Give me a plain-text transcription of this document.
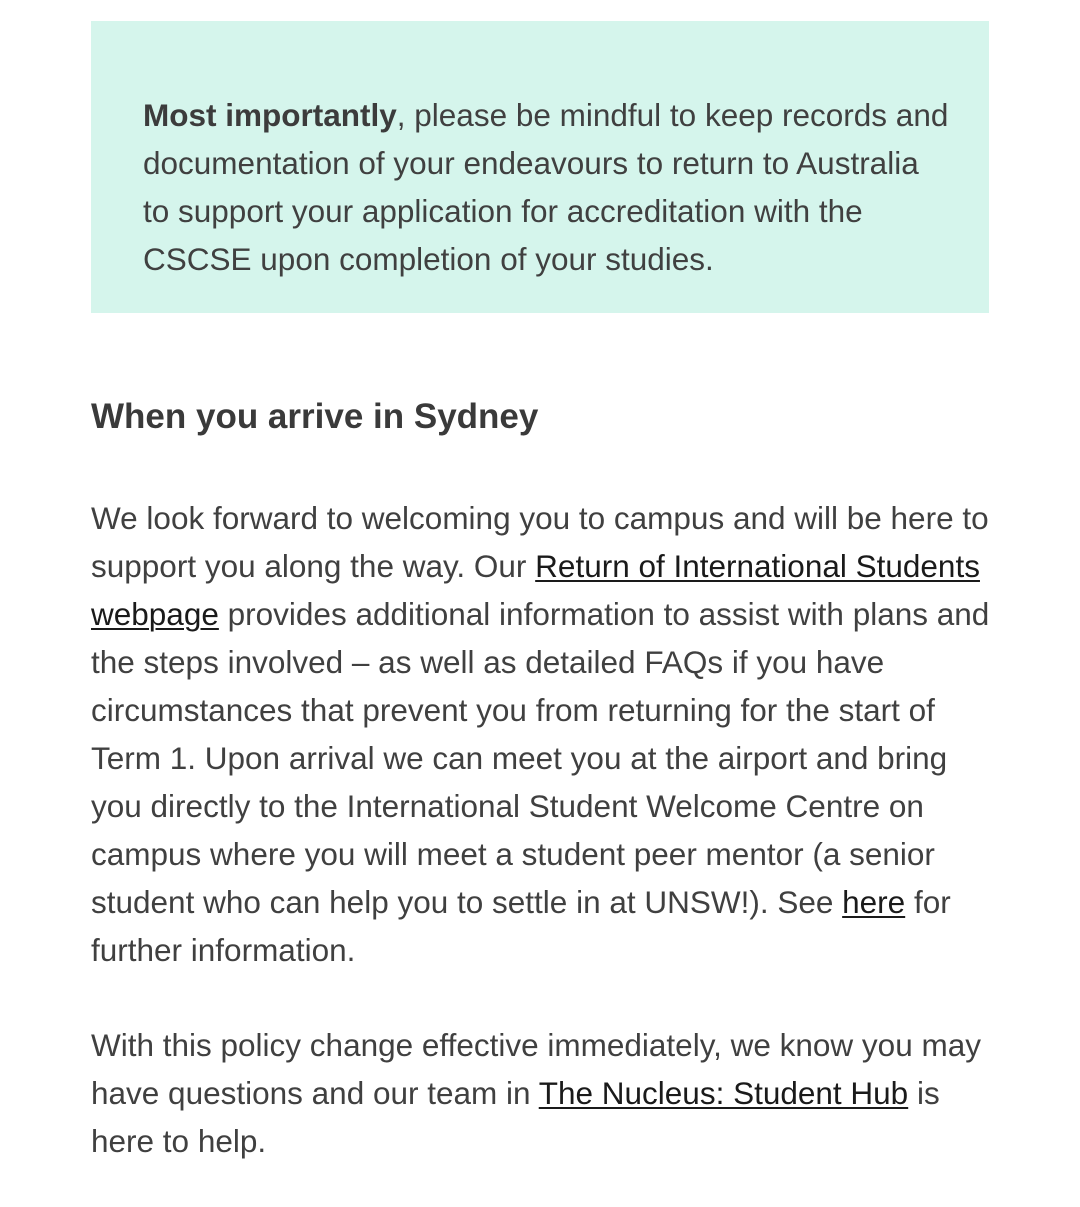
Most importantly, please be mindful to keep records and documentation of your endeavours to return to Australia to support your application for accreditation with the CSCSE upon completion of your studies.

When you arrive in Sydney

We look forward to welcoming you to campus and will be here to support you along the way. Our Return of International Students webpage provides additional information to assist with plans and the steps involved – as well as detailed FAQs if you have circumstances that prevent you from returning for the start of Term 1. Upon arrival we can meet you at the airport and bring you directly to the International Student Welcome Centre on campus where you will meet a student peer mentor (a senior student who can help you to settle in at UNSW!). See here for further information.

With this policy change effective immediately, we know you may have questions and our team in The Nucleus: Student Hub is here to help.
